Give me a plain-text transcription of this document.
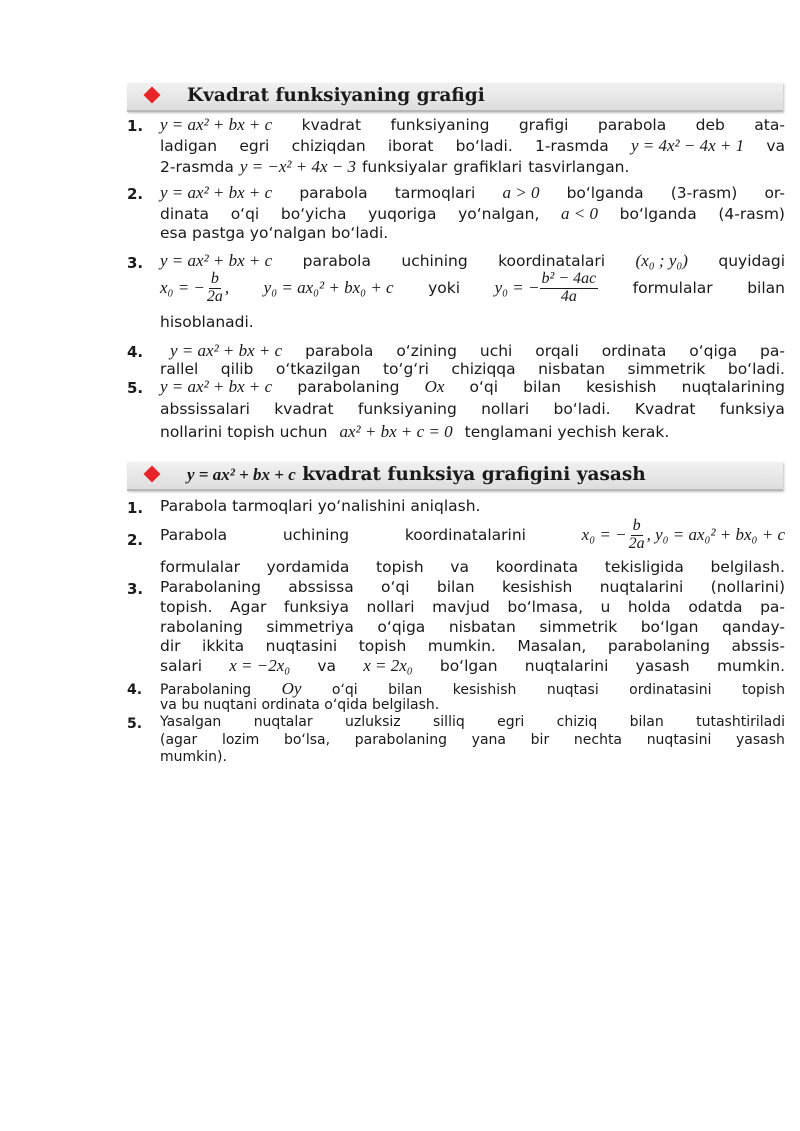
Kvadrat funksiyaning grafigi
1. y = ax² + bx + c kvadrat funksiyaning grafigi parabola deb ata-
ladigan egri chiziqdan iborat bo‘ladi. 1-rasmda y = 4x² − 4x + 1 va
2-rasmda y = −x² + 4x − 3 funksiyalar grafiklari tasvirlangan.
2. y = ax² + bx + c parabola tarmoqlari a > 0 bo‘lganda (3-rasm) or-
dinata o‘qi bo‘yicha yuqoriga yo‘nalgan, a < 0 bo‘lganda (4-rasm)
esa pastga yo‘nalgan bo‘ladi.
3. y = ax² + bx + c parabola uchining koordinatalari (x₀ ; y₀) quyidagi
x₀ = − $\frac{b}{2a}$ , y₀ = ax₀² + bx₀ + c yoki y₀ = − $\frac{\text{b² − 4ac}}{4a}$ formulalar bilan
hisoblanadi.
4.	y = ax² + bx + c parabola o‘zining uchi orqali ordinata o‘qiga pa-
rallel qilib o‘tkazilgan to‘g‘ri chiziqqa nisbatan simmetrik bo‘ladi.
5. y = ax² + bx + c parabolaning Ox o‘qi bilan kesishish nuqtalarining
abssissalari kvadrat funksiyaning nollari bo‘ladi. Kvadrat funksiya
nollarini topish uchun ax² + bx + c = 0 tenglamani yechish kerak.
y = ax² + bx + c kvadrat funksiya grafigini yasash
1.	Parabola tarmoqlari yo‘nalishini aniqlash.
2.	Parabola	uchining	koordinatalarini	x₀ = − $\frac{b}{2a}$ , y₀ = ax₀² + bx₀ + c
formulalar yordamida topish va koordinata tekisligida belgilash.
3.	Parabolaning abssissa o‘qi bilan kesishish nuqtalarini (nollarini)
topish. Agar funksiya nollari mavjud bo‘lmasa, u holda odatda pa-
rabolaning simmetriya o‘qiga nisbatan simmetrik bo‘lgan qanday-
dir ikkita nuqtasini topish mumkin. Masalan, parabolaning abssis-
salari x = −2x₀ va x = 2x₀ bo‘lgan nuqtalarini yasash mumkin.
4.	Parabolaning Oy o‘qi bilan kesishish nuqtasi ordinatasini topish
va bu nuqtani ordinata o‘qida belgilash.
5.	Yasalgan nuqtalar uzluksiz silliq egri chiziq bilan tutashtiriladi
(agar lozim bo‘lsa, parabolaning yana bir nechta nuqtasini yasash
mumkin).
